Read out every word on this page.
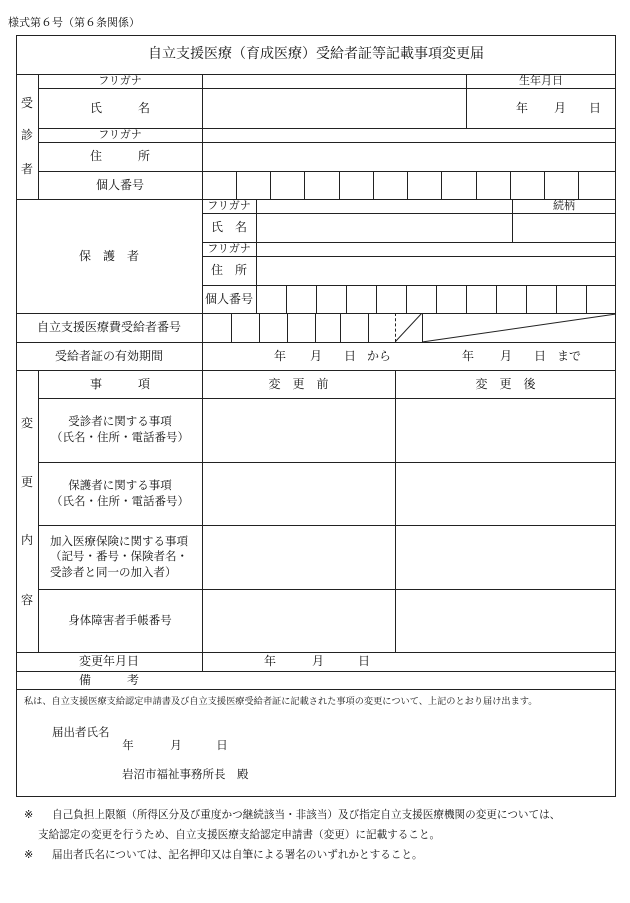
様式第６号（第６条関係）
自立支援医療（育成医療）受給者証等記載事項変更届
受
診
者
フリガナ	生年月日
氏　　　名	年	月	日
フリガナ
住　　　所
個人番号
保　護　者
フリガナ	続柄
氏　名
フリガナ
住　所
個人番号
自立支援医療費受給者番号
受給者証の有効期間	年	月	日 から	年	月	日 まで
変
更
内
容
事　　　項	変　更　前	変　更　後
受診者に関する事項
（氏名・住所・電話番号）
保護者に関する事項
（氏名・住所・電話番号）
加入医療保険に関する事項
（記号・番号・保険者名・
受診者と同一の加入者）
身体障害者手帳番号
変更年月日	年	月	日
備　　　考
私は、自立支援医療支給認定申請書及び自立支援医療受給者証に記載された事項の変更について、上記のとおり届け出ます。
届出者氏名
年	月	日
岩沼市福祉事務所長　殿
※ 自己負担上限額（所得区分及び重度かつ継続該当・非該当）及び指定自立支援医療機関の変更については、
支給認定の変更を行うため、自立支援医療支給認定申請書（変更）に記載すること。
※ 届出者氏名については、記名押印又は自筆による署名のいずれかとすること。
